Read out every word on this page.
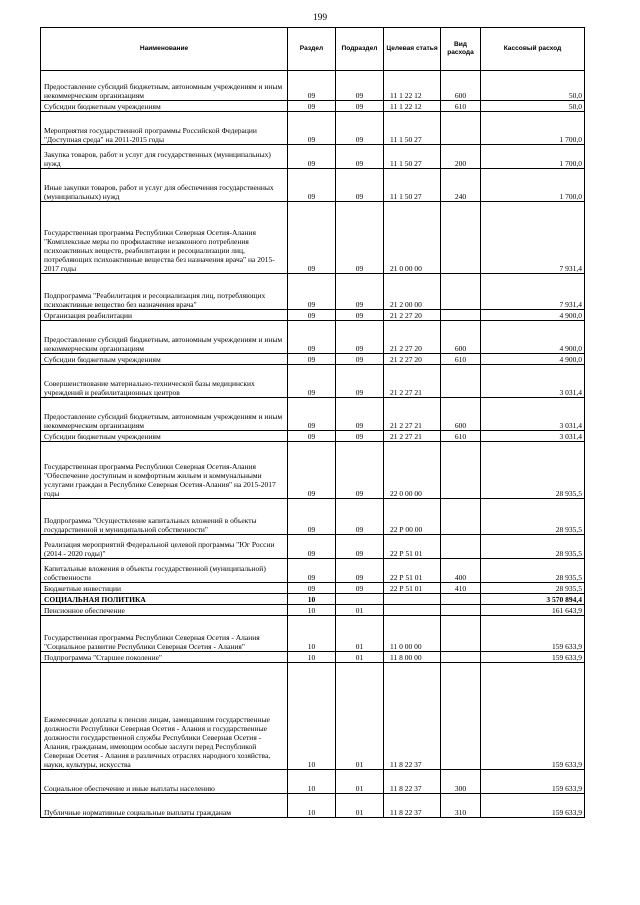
199
Наименование	Раздел	Подраздел	Целевая статья	Вид расхода	Кассовый расход
Предоставление субсидий бюджетным, автономным учреждениям и иным некоммерческим организациям	09	09	11 1 22 12	600	50,0
Субсидии бюджетным учреждениям	09	09	11 1 22 12	610	50,0
Мероприятия государственной программы Российской Федерации "Доступная среда" на 2011-2015 годы	09	09	11 1 50 27		1 700,0
Закупка товаров, работ и услуг для государственных (муниципальных) нужд	09	09	11 1 50 27	200	1 700,0
Иные закупки товаров, работ и услуг для обеспечения государственных (муниципальных) нужд	09	09	11 1 50 27	240	1 700,0
Государственная программа Республики Северная Осетия-Алания "Комплексные меры по профилактике незаконного потребления психоактивных веществ, реабилитации и ресоциализации лиц, потребляющих психоактивные вещества без назначения врача" на 2015-2017 годы	09	09	21 0 00 00		7 931,4
Подпрограмма "Реабилитация и ресоциализация лиц, потребляющих психоактивные вещество без назначения врача"	09	09	21 2 00 00		7 931,4
Организация реабилитации	09	09	21 2 27 20		4 900,0
Предоставление субсидий бюджетным, автономным учреждениям и иным некоммерческим организациям	09	09	21 2 27 20	600	4 900,0
Субсидии бюджетным учреждениям	09	09	21 2 27 20	610	4 900,0
Совершенствование материально-технической базы медицинских учреждений и реабилитационных центров	09	09	21 2 27 21		3 031,4
Предоставление субсидий бюджетным, автономным учреждениям и иным некоммерческим организациям	09	09	21 2 27 21	600	3 031,4
Субсидии бюджетным учреждениям	09	09	21 2 27 21	610	3 031,4
Государственная программа Республики Северная Осетия-Алания "Обеспечение доступным и комфортным жильем и коммунальными услугами граждан в Республике Северная Осетия-Алания" на 2015-2017 годы	09	09	22 0 00 00		28 935,5
Подпрограмма "Осуществление капитальных вложений в объекты государственной и муниципальной собственности"	09	09	22 Р 00 00		28 935,5
Реализация мероприятий Федеральной целевой программы "Юг России (2014 - 2020 годы)"	09	09	22 Р 51 01		28 935,5
Капитальные вложения в объекты государственной (муниципальной) собственности	09	09	22 Р 51 01	400	28 935,5
Бюджетные инвестиции	09	09	22 Р 51 01	410	28 935,5
СОЦИАЛЬНАЯ ПОЛИТИКА	10				3 570 894,4
Пенсионное обеспечение	10	01			161 643,9
Государственная программа Республики Северная Осетия - Алания "Социальное развитие Республики Северная Осетия - Алания"	10	01	11 0 00 00		159 633,9
Подпрограмма "Старшее поколение"	10	01	11 8 00 00		159 633,9
Ежемесячные доплаты к пенсии лицам, замещавшим государственные должности Республики Северная Осетия - Алания и государственные должности государственной службы Республики Северная Осетия - Алания, гражданам, имеющим особые заслуги перед Республикой Северная Осетия - Алания в различных отраслях народного хозяйства, науки, культуры, искусства	10	01	11 8 22 37		159 633,9
Социальное обеспечение и иные выплаты населению	10	01	11 8 22 37	300	159 633,9
Публичные нормативные социальные выплаты гражданам	10	01	11 8 22 37	310	159 633,9
